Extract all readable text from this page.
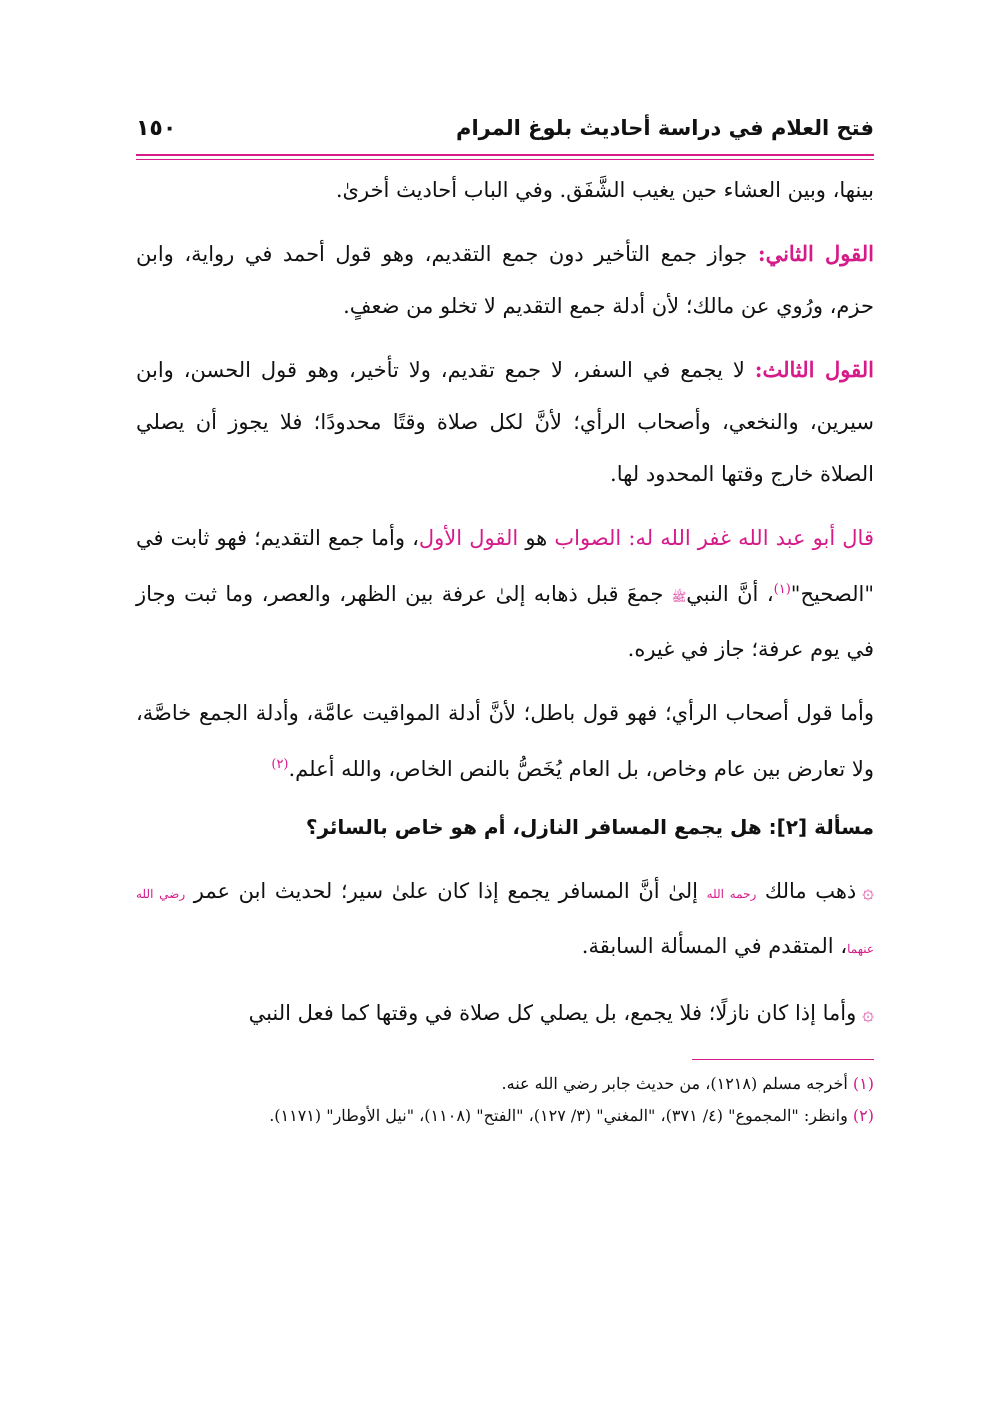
فتح العلام في دراسة أحاديث بلوغ المرام
١٥٠

بينها، وبين العشاء حين يغيب الشَّفَق. وفي الباب أحاديث أخرىٰ.

القول الثاني: جواز جمع التأخير دون جمع التقديم، وهو قول أحمد في رواية، وابن حزم، ورُوي عن مالك؛ لأن أدلة جمع التقديم لا تخلو من ضعفٍ.

القول الثالث: لا يجمع في السفر، لا جمع تقديم، ولا تأخير، وهو قول الحسن، وابن سيرين، والنخعي، وأصحاب الرأي؛ لأنَّ لكل صلاة وقتًا محدودًا؛ فلا يجوز أن يصلي الصلاة خارج وقتها المحدود لها.

قال أبو عبد الله غفر الله له: الصواب هو القول الأول، وأما جمع التقديم؛ فهو ثابت في "الصحيح"$^{(١)}$، أنَّ النبيﷺ جمعَ قبل ذهابه إلىٰ عرفة بين الظهر، والعصر، وما ثبت وجاز في يوم عرفة؛ جاز في غيره.

وأما قول أصحاب الرأي؛ فهو قول باطل؛ لأنَّ أدلة المواقيت عامَّة، وأدلة الجمع خاصَّة، ولا تعارض بين عام وخاص، بل العام يُخَصُّ بالنص الخاص، والله أعلم.$^{(٢)}$

مسألة [٢]: هل يجمع المسافر النازل، أم هو خاص بالسائر؟

۞ذهب مالك رحمه الله إلىٰ أنَّ المسافر يجمع إذا كان علىٰ سير؛ لحديث ابن عمر رضي الله عنهما، المتقدم في المسألة السابقة.

۞وأما إذا كان نازلًا؛ فلا يجمع، بل يصلي كل صلاة في وقتها كما فعل النبي

(١) أخرجه مسلم (١٢١٨)، من حديث جابر رضي الله عنه.

(٢) وانظر: "المجموع" (٤/ ٣٧١)، "المغني" (٣/ ١٢٧)، "الفتح" (١١٠٨)، "نيل الأوطار" (١١٧١).
